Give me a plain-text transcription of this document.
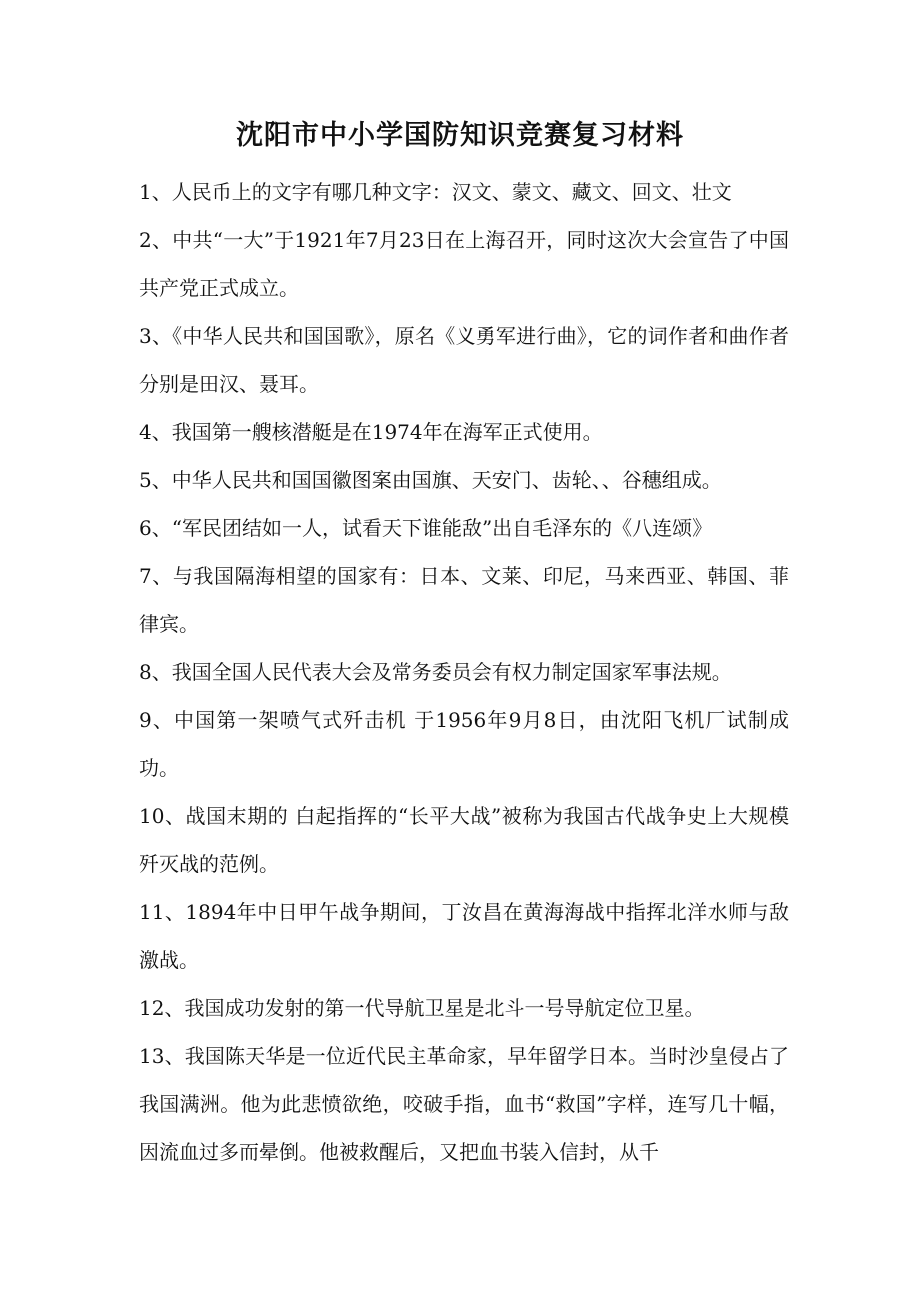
沈阳市中小学国防知识竞赛复习材料

1、人民币上的文字有哪几种文字：汉文、蒙文、藏文、回文、壮文

2、中共“一大”于1921年7月23日在上海召开，同时这次大会宣告了中国共产党正式成立。

3、《中华人民共和国国歌》，原名《义勇军进行曲》，它的词作者和曲作者分别是田汉、聂耳。

4、我国第一艘核潜艇是在1974年在海军正式使用。

5、中华人民共和国国徽图案由国旗、天安门、齿轮、、谷穗组成。

6、“军民团结如一人，试看天下谁能敌”出自毛泽东的《八连颂》

7、与我国隔海相望的国家有：日本、文莱、印尼，马来西亚、韩国、菲律宾。

8、我国全国人民代表大会及常务委员会有权力制定国家军事法规。

9、中国第一架喷气式歼击机 于1956年9月8日，由沈阳飞机厂试制成功。

10、战国末期的 白起指挥的“长平大战”被称为我国古代战争史上大规模歼灭战的范例。

11、1894年中日甲午战争期间，丁汝昌在黄海海战中指挥北洋水师与敌激战。

12、我国成功发射的第一代导航卫星是北斗一号导航定位卫星。

13、我国陈天华是一位近代民主革命家，早年留学日本。当时沙皇侵占了我国满洲。他为此悲愤欲绝，咬破手指，血书“救国”字样，连写几十幅，因流血过多而晕倒。他被救醒后，又把血书装入信封，从千
